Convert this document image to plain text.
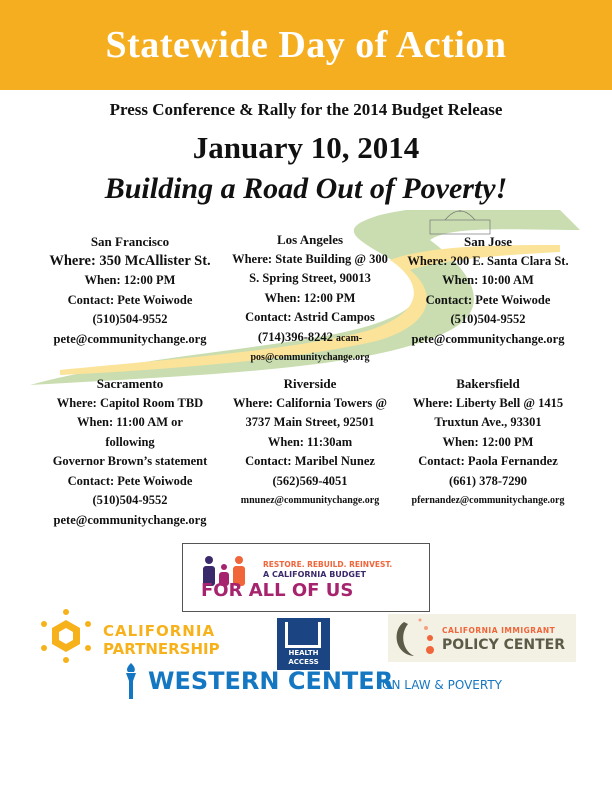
Statewide Day of Action
Press Conference & Rally for the 2014 Budget Release
January 10, 2014
Building a Road Out of Poverty!
San Francisco
Where: 350 McAllister St.
When: 12:00 PM
Contact: Pete Woiwode
(510)504-9552
pete@communitychange.org
Los Angeles
Where: State Building @ 300
S. Spring Street, 90013
When: 12:00 PM
Contact: Astrid Campos
(714)396-8242 acam-
pos@communitychange.org
San Jose
Where: 200 E. Santa Clara St.
When: 10:00 AM
Contact: Pete Woiwode
(510)504-9552
pete@communitychange.org
Sacramento
Where: Capitol Room TBD
When: 11:00 AM or
following
Governor Brown’s statement
Contact: Pete Woiwode
(510)504-9552
pete@communitychange.org
Riverside
Where: California Towers @
3737 Main Street, 92501
When: 11:30am
Contact: Maribel Nunez
(562)569-4051
mnunez@communitychange.org
Bakersfield
Where: Liberty Bell @ 1415
Truxtun Ave., 93301
When: 12:00 PM
Contact: Paola Fernandez
(661) 378-7290
pfernandez@communitychange.org
RESTORE. REBUILD. REINVEST.
A CALIFORNIA BUDGET
FOR ALL OF US
CALIFORNIA
PARTNERSHIP	HEALTH
ACCESS
CALIFORNIA IMMIGRANT
POLICY CENTER
WESTERN CENTER
ON LAW & POVERTY
